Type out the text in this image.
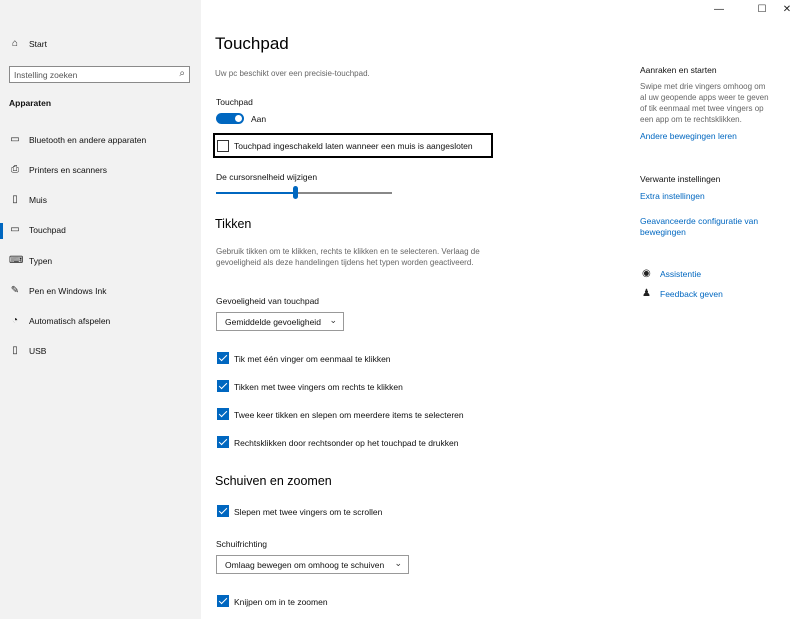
—	☐	✕
⌂	Start
Instelling zoeken
⌕
Apparaten
▭ Bluetooth en andere apparaten
⎙ Printers en scanners
▯	Muis
▭ Touchpad
⌨ Typen
✎ Pen en Windows Ink
◔	Automatisch afspelen
▯	USB
Touchpad
Uw pc beschikt over een precisie-touchpad.
Touchpad
Aan
Touchpad ingeschakeld laten wanneer een muis is aangesloten
De cursorsnelheid wijzigen
Tikken
Gebruik tikken om te klikken, rechts te klikken en te selecteren. Verlaag de gevoeligheid als deze handelingen tijdens het typen worden geactiveerd.
Gevoeligheid van touchpad
Gemiddelde gevoeligheid ⌄
Tik met één vinger om eenmaal te klikken
Tikken met twee vingers om rechts te klikken
Twee keer tikken en slepen om meerdere items te selecteren
Rechtsklikken door rechtsonder op het touchpad te drukken
Schuiven en zoomen
Slepen met twee vingers om te scrollen
Schuifrichting
Omlaag bewegen om omhoog te schuiven ⌄
Knijpen om in te zoomen
Aanraken en starten
Swipe met drie vingers omhoog om al uw geopende apps weer te geven of tik eenmaal met twee vingers op een app om te rechtsklikken.
Andere bewegingen leren
Verwante instellingen
Extra instellingen
Geavanceerde configuratie van bewegingen
◉ Assistentie
♟ Feedback geven
